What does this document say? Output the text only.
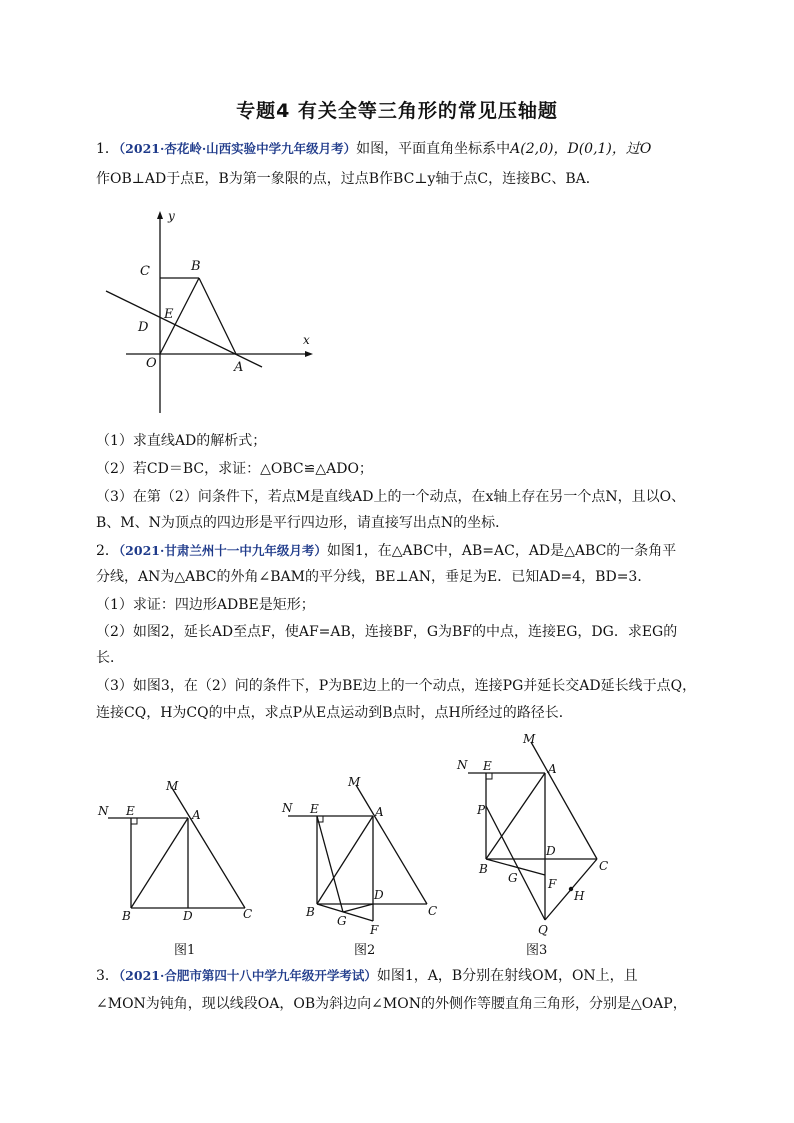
专题4 有关全等三角形的常见压轴题
1．（2021·杏花岭·山西实验中学九年级月考）如图，平面直角坐标系中A(2,0)，D(0,1)，过O
作OB⊥AD于点E，B为第一象限的点，过点B作BC⊥y轴于点C，连接BC、BA．
y
x
C	B
E
D
O	A
（1）求直线AD的解析式；
（2）若CD＝BC，求证：△OBC≌△ADO；
（3）在第（2）问条件下，若点M是直线AD上的一个动点，在x轴上存在另一个点N，且以O、
B、M、N为顶点的四边形是平行四边形，请直接写出点N的坐标．
2．（2021·甘肃兰州十一中九年级月考）如图1，在△ABC中，AB=AC，AD是△ABC的一条角平
分线，AN为△ABC的外角∠BAM的平分线，BE⊥AN，垂足为E．已知AD=4，BD=3．
（1）求证：四边形ADBE是矩形；
（2）如图2，延长AD至点F，使AF=AB，连接BF，G为BF的中点，连接EG，DG．求EG的
长．
（3）如图3，在（2）问的条件下，P为BE边上的一个动点，连接PG并延长交AD延长线于点Q，
连接CQ，H为CQ的中点，求点P从E点运动到B点时，点H所经过的路径长．
N E
M
A
B	D	C
图1
N E
M
A
D
B
G
F
C
图2
N E
M
A
P
D
B
G	F
C
H
Q
图3
3．（2021·合肥市第四十八中学九年级开学考试）如图1，A，B分别在射线OM，ON上，且
∠MON为钝角，现以线段OA，OB为斜边向∠MON的外侧作等腰直角三角形，分别是△OAP，
